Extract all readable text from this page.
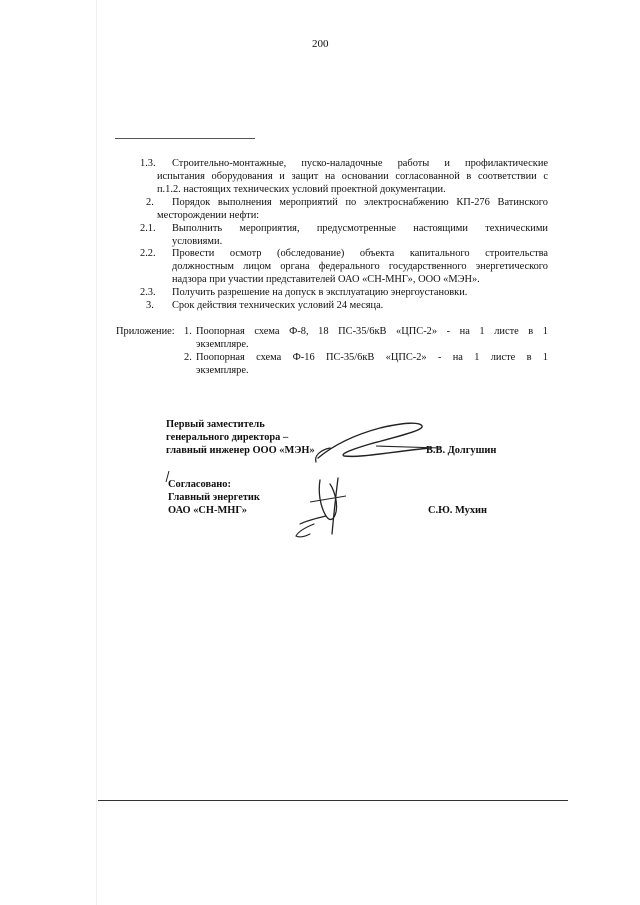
200
1.3. Строительно-монтажные, пуско-наладочные работы и профилактические
испытания оборудования и защит на основании согласованной в соответствии с
п.1.2. настоящих технических условий проектной документации.
2. Порядок выполнения мероприятий по электроснабжению КП-276 Ватинского
месторождении нефти:
2.1. Выполнить мероприятия, предусмотренные настоящими техническими
условиями.
2.2. Провести осмотр (обследование) объекта капитального строительства
должностным лицом органа федерального государственного энергетического
надзора при участии представителей ОАО «СН-МНГ», ООО «МЭН».
2.3. Получить разрешение на допуск в эксплуатацию энергоустановки.
3. Срок действия технических условий 24 месяца.
Приложение: 1. Поопорная схема Ф-8, 18 ПС-35/6кВ «ЦПС-2» - на 1 листе в 1
экземпляре.
2. Поопорная схема Ф-16 ПС-35/6кВ «ЦПС-2» - на 1 листе в 1
экземпляре.
Первый заместитель
генерального директора –
главный инженер ООО «МЭН»	В.В. Долгушин
Согласовано:
Главный энергетик
ОАО «СН-МНГ»	С.Ю. Мухин
